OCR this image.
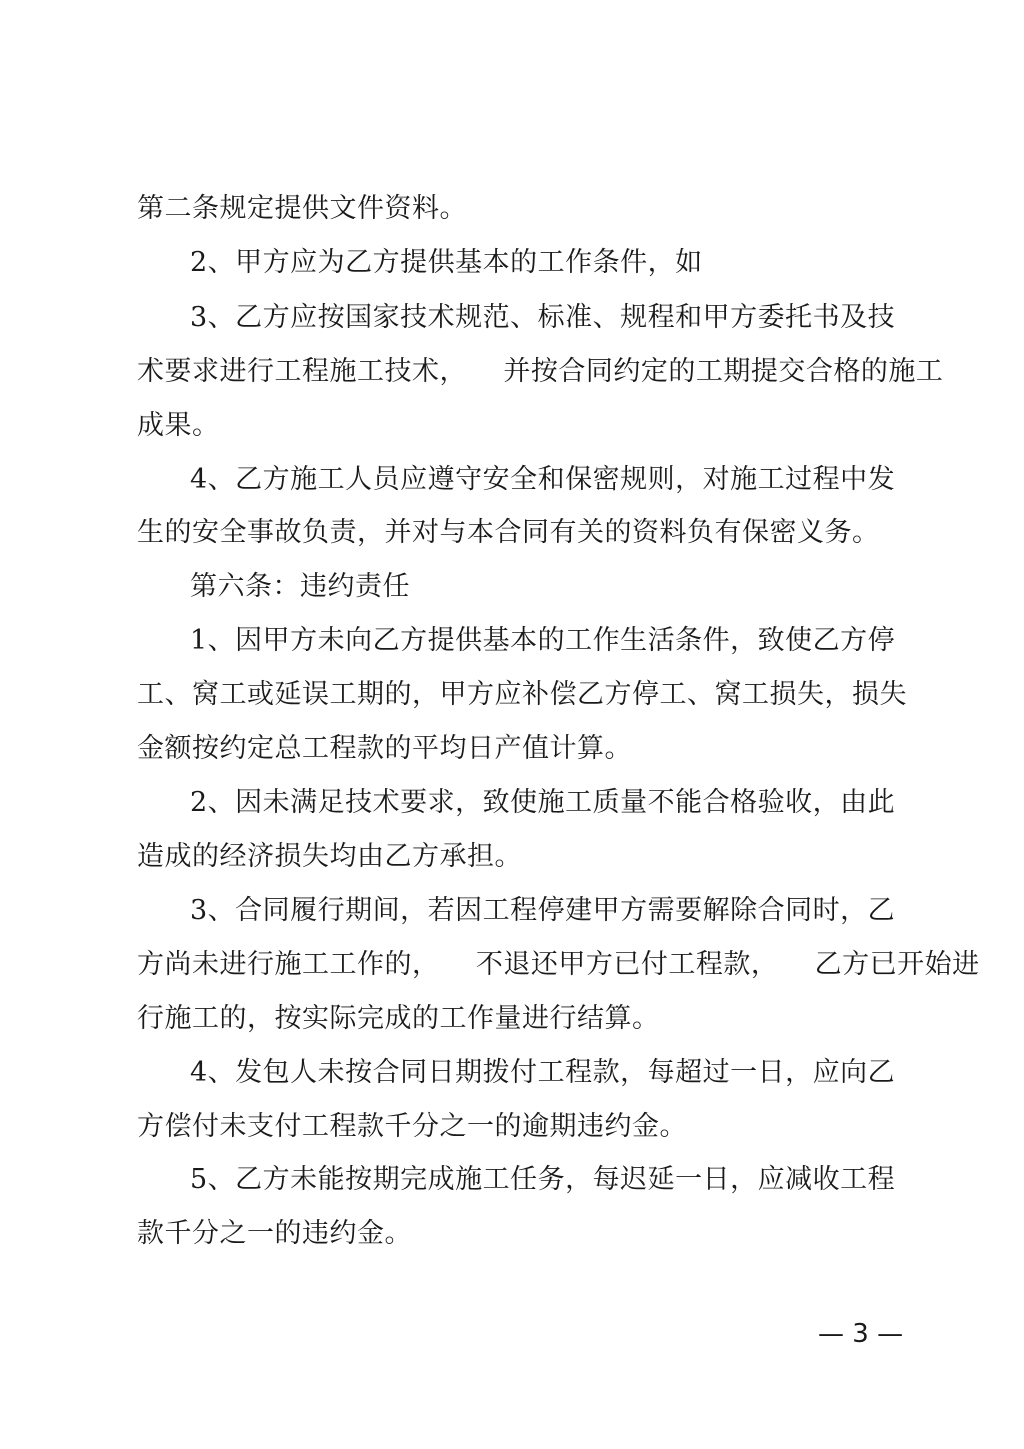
第二条规定提供文件资料。
2、甲方应为乙方提供基本的工作条件，如
3、乙方应按国家技术规范、标准、规程和甲方委托书及技
术要求进行工程施工技术，    并按合同约定的工期提交合格的施工
成果。
4、乙方施工人员应遵守安全和保密规则，对施工过程中发
生的安全事故负责，并对与本合同有关的资料负有保密义务。
第六条：违约责任
1、因甲方未向乙方提供基本的工作生活条件，致使乙方停
工、窝工或延误工期的，甲方应补偿乙方停工、窝工损失，损失
金额按约定总工程款的平均日产值计算。
2、因未满足技术要求，致使施工质量不能合格验收，由此
造成的经济损失均由乙方承担。
3、合同履行期间，若因工程停建甲方需要解除合同时，乙
方尚未进行施工工作的，    不退还甲方已付工程款，    乙方已开始进
行施工的，按实际完成的工作量进行结算。
4、发包人未按合同日期拨付工程款，每超过一日，应向乙
方偿付未支付工程款千分之一的逾期违约金。
5、乙方未能按期完成施工任务，每迟延一日，应减收工程
款千分之一的违约金。
— 3 —
